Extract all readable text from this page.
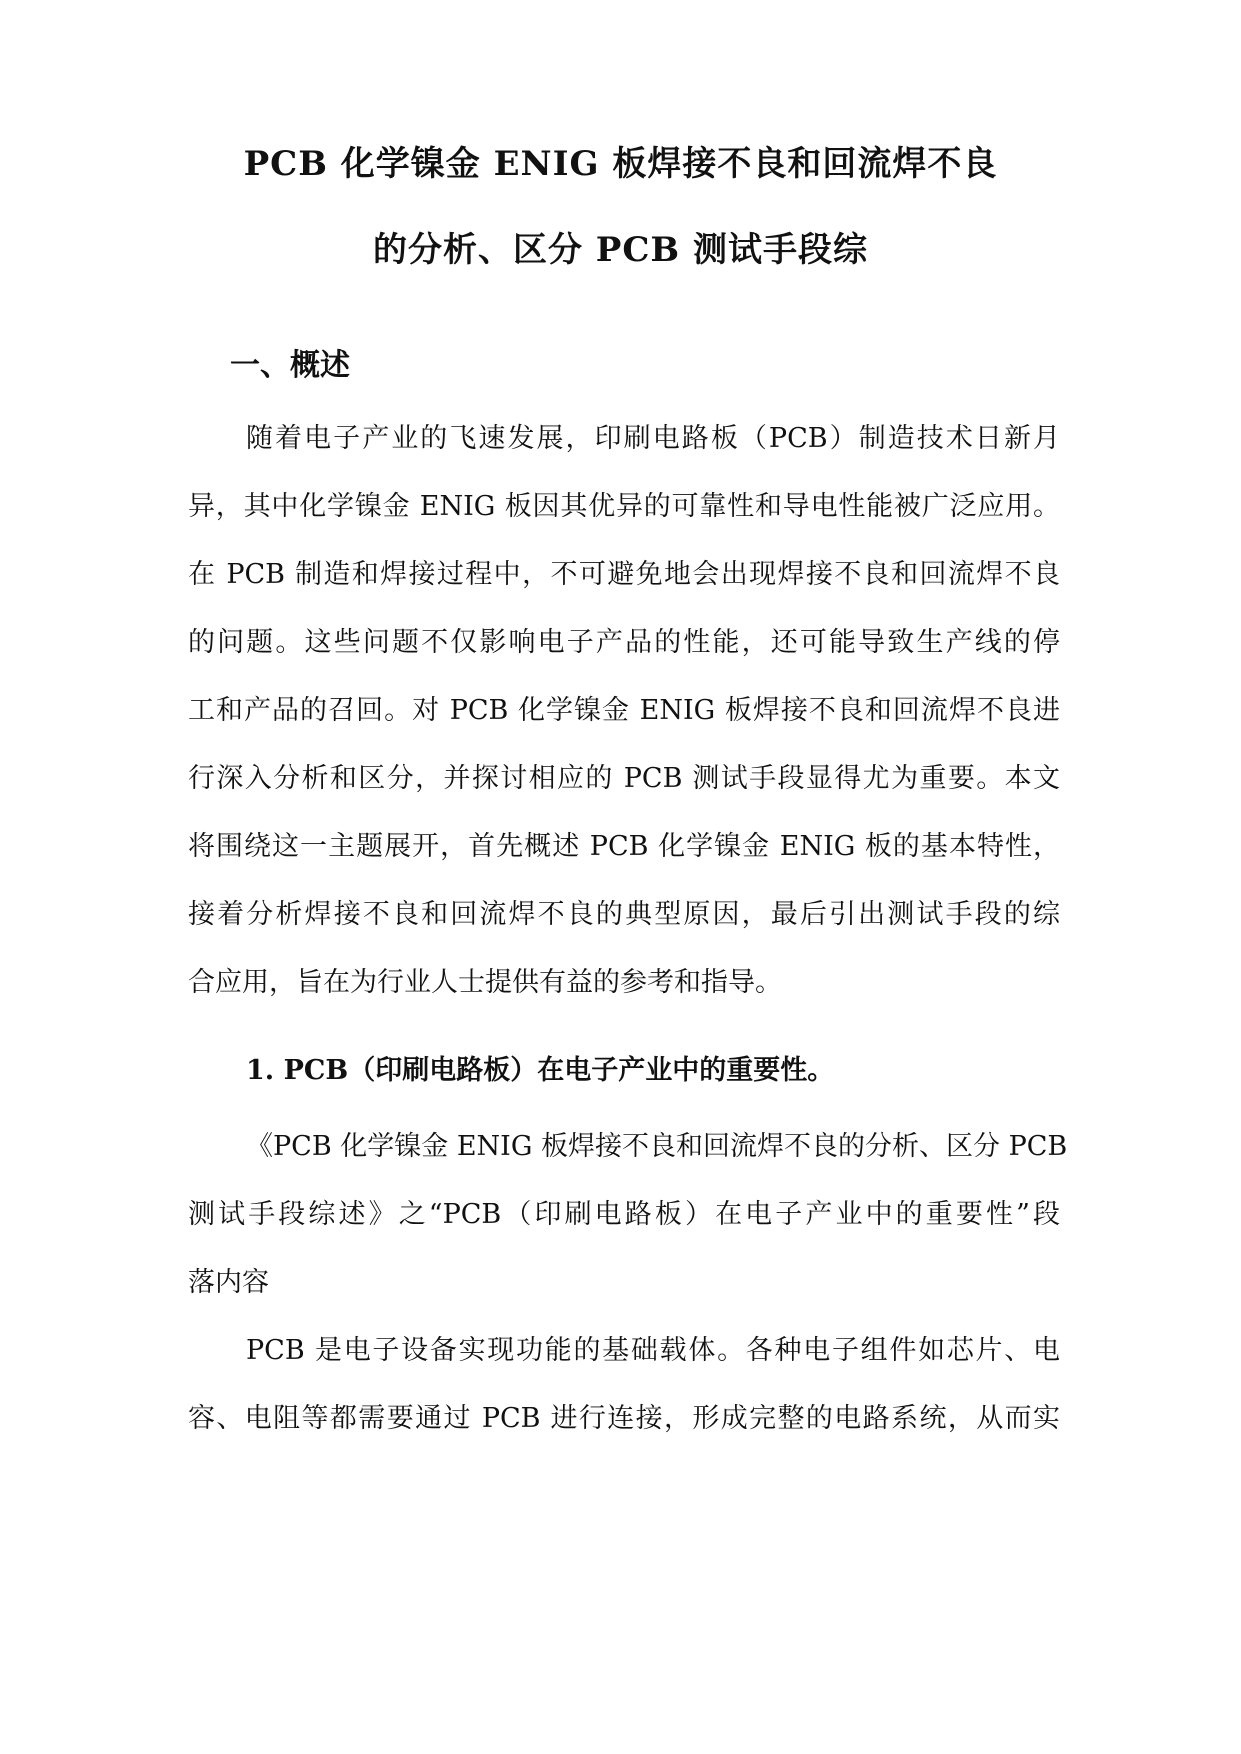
PCB 化学镍金 ENIG 板焊接不良和回流焊不良
的分析、区分 PCB 测试手段综
一、概述
随着电子产业的飞速发展，印刷电路板（PCB）制造技术日新月
异，其中化学镍金 ENIG 板因其优异的可靠性和导电性能被广泛应用。
在 PCB 制造和焊接过程中，不可避免地会出现焊接不良和回流焊不良
的问题。这些问题不仅影响电子产品的性能，还可能导致生产线的停
工和产品的召回。对 PCB 化学镍金 ENIG 板焊接不良和回流焊不良进
行深入分析和区分，并探讨相应的 PCB 测试手段显得尤为重要。本文
将围绕这一主题展开，首先概述 PCB 化学镍金 ENIG 板的基本特性，
接着分析焊接不良和回流焊不良的典型原因，最后引出测试手段的综
合应用，旨在为行业人士提供有益的参考和指导。
1. PCB（印刷电路板）在电子产业中的重要性。
《PCB 化学镍金 ENIG 板焊接不良和回流焊不良的分析、区分 PCB
测试手段综述》之“PCB（印刷电路板）在电子产业中的重要性”段
落内容
PCB 是电子设备实现功能的基础载体。各种电子组件如芯片、电
容、电阻等都需要通过 PCB 进行连接，形成完整的电路系统，从而实
